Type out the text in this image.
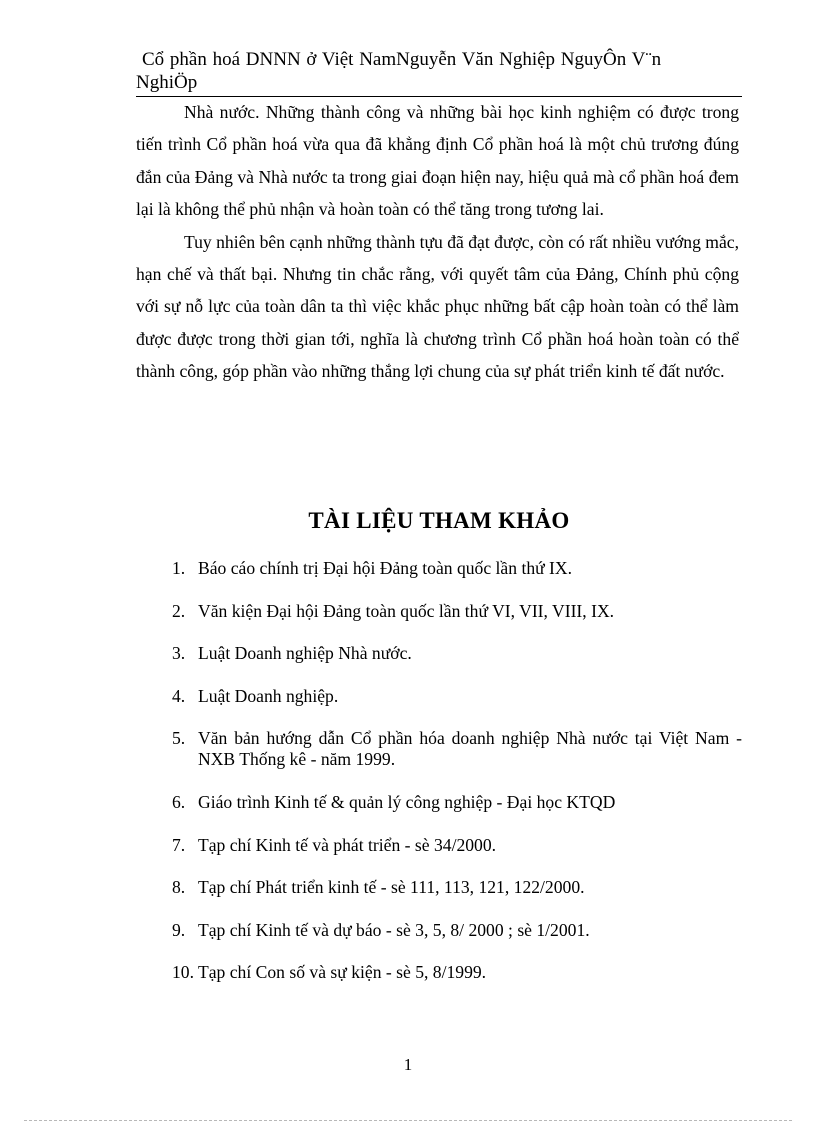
Cổ phần hoá DNNN ở Việt NamNguyễn Văn Nghiệp NguyÔn V¨n
NghiÖp

Nhà nước. Những thành công và những bài học kinh nghiệm có được trong tiến trình Cổ phần hoá vừa qua đã khẳng định Cổ phần hoá là một chủ trương đúng đắn của Đảng và Nhà nước ta trong giai đoạn hiện nay, hiệu quả mà cổ phần hoá đem lại là không thể phủ nhận và hoàn toàn có thể tăng trong tương lai.

Tuy nhiên bên cạnh những thành tựu đã đạt được, còn có rất nhiều vướng mắc, hạn chế và thất bại. Nhưng tin chắc rằng, với quyết tâm của Đảng, Chính phủ cộng với sự nỗ lực của toàn dân ta thì việc khắc phục những bất cập hoàn toàn có thể làm được được trong thời gian tới, nghĩa là chương trình Cổ phần hoá hoàn toàn có thể thành công, góp phần vào những thắng lợi chung của sự phát triển kinh tế đất nước.

TÀI LIỆU THAM KHẢO
1. Báo cáo chính trị Đại hội Đảng toàn quốc lần thứ IX.
2. Văn kiện Đại hội Đảng toàn quốc lần thứ VI, VII, VIII, IX.
3. Luật Doanh nghiệp Nhà nước.
4. Luật Doanh nghiệp.
5. Văn bản hướng dẫn Cổ phần hóa doanh nghiệp Nhà nước tại Việt Nam - NXB Thống kê - năm 1999.
6. Giáo trình Kinh tế & quản lý công nghiệp - Đại học KTQD
7. Tạp chí Kinh tế và phát triển - sè 34/2000.
8. Tạp chí Phát triển kinh tế - sè 111, 113, 121, 122/2000.
9. Tạp chí Kinh tế và dự báo - sè 3, 5, 8/ 2000 ; sè 1/2001.
10. Tạp chí Con số và sự kiện - sè 5, 8/1999.
1
